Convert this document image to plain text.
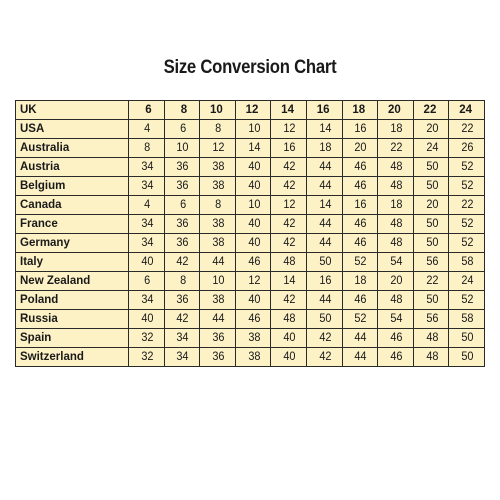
Size Conversion Chart
UK	6	8	10	12	14	16	18	20	22	24
USA	4	6	8	10	12	14	16	18	20	22
Australia	8	10	12	14	16	18	20	22	24	26
Austria	34	36	38	40	42	44	46	48	50	52
Belgium	34	36	38	40	42	44	46	48	50	52
Canada	4	6	8	10	12	14	16	18	20	22
France	34	36	38	40	42	44	46	48	50	52
Germany	34	36	38	40	42	44	46	48	50	52
Italy	40	42	44	46	48	50	52	54	56	58
New Zealand	6	8	10	12	14	16	18	20	22	24
Poland	34	36	38	40	42	44	46	48	50	52
Russia	40	42	44	46	48	50	52	54	56	58
Spain	32	34	36	38	40	42	44	46	48	50
Switzerland	32	34	36	38	40	42	44	46	48	50
